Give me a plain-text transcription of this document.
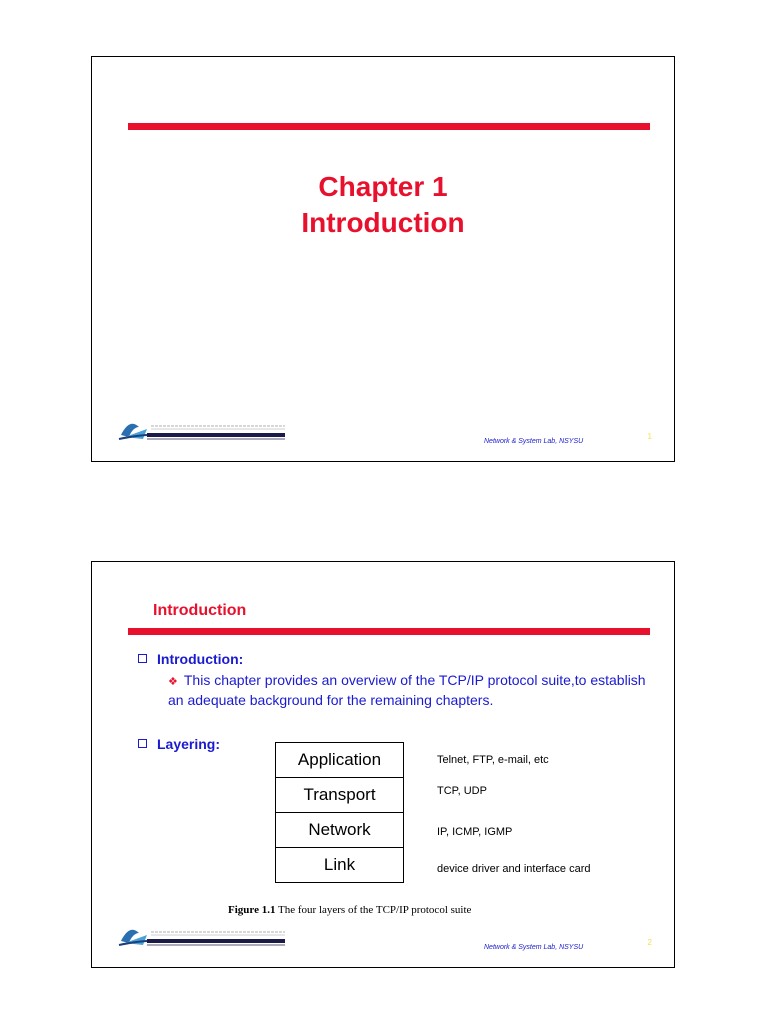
Chapter 1
Introduction
Network & System Lab, NSYSU
1
Introduction
Introduction:
❖ This chapter provides an overview of the TCP/IP protocol suite,to establish an adequate background for the remaining chapters.
Layering:
Application
Transport
Network
Link
Telnet, FTP, e-mail, etc
TCP, UDP
IP, ICMP, IGMP
device driver and interface card
Figure 1.1 The four layers of the TCP/IP protocol suite
Network & System Lab, NSYSU
2
